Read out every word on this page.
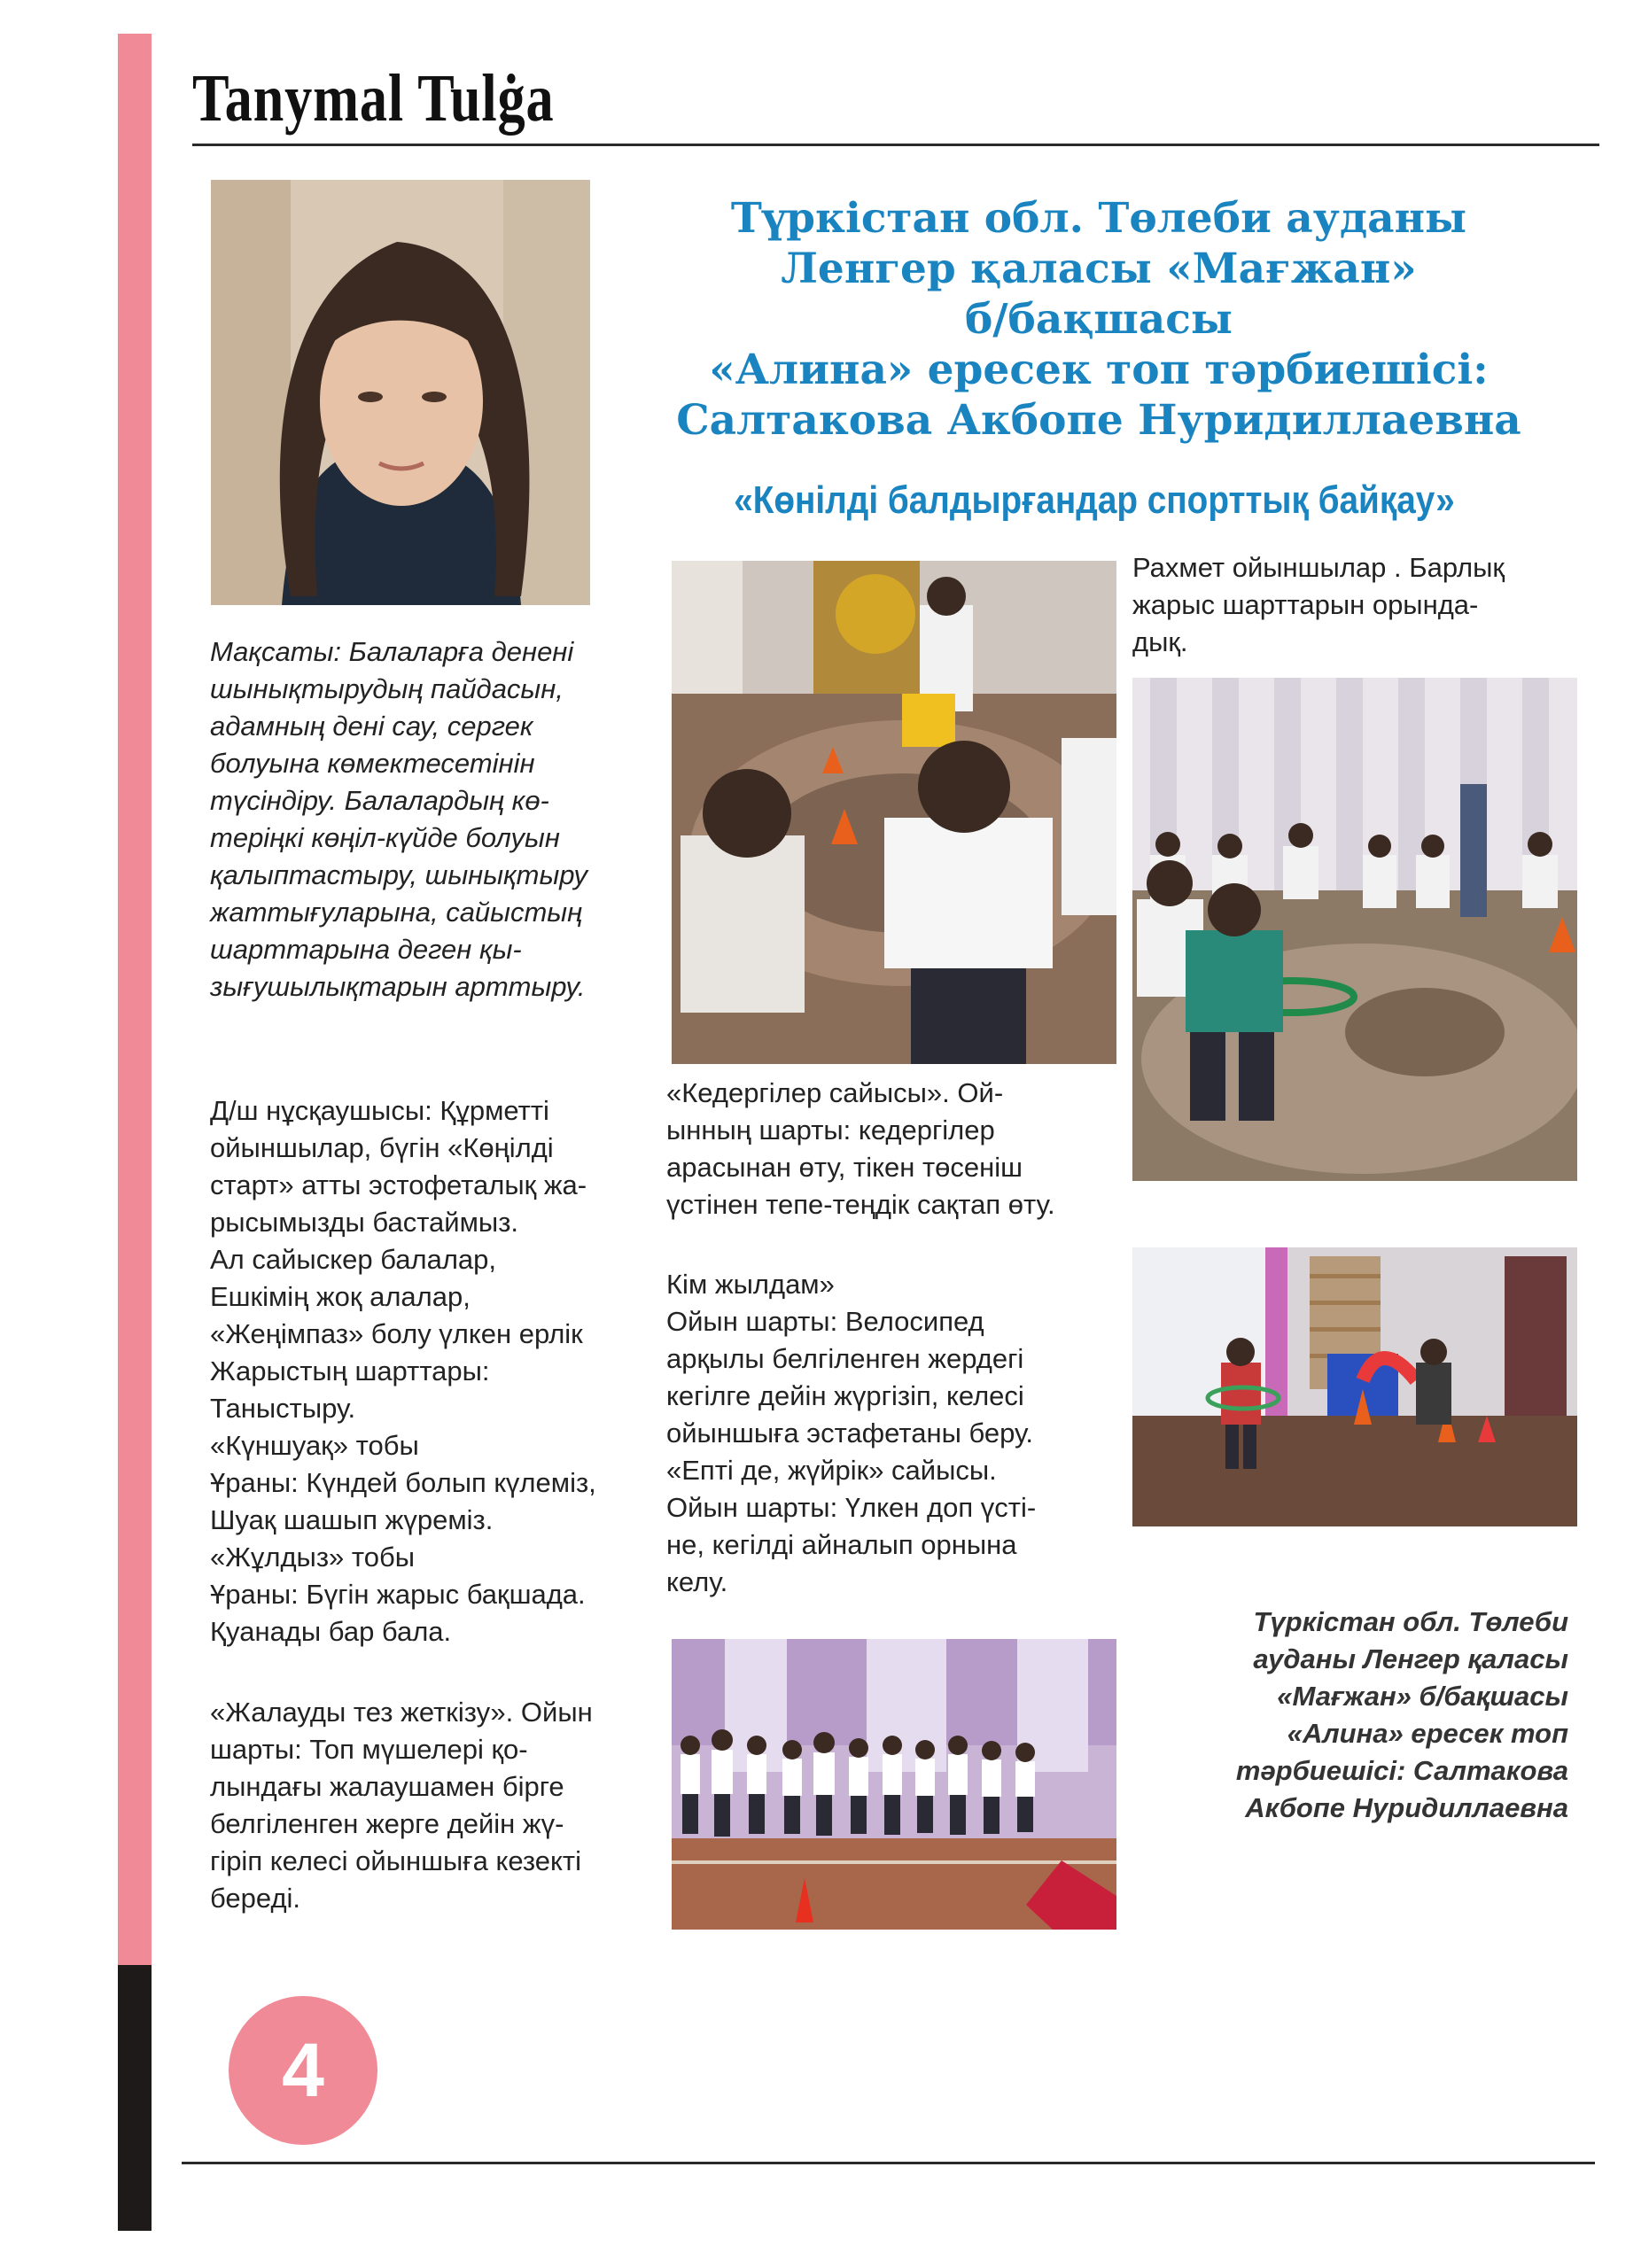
Tanymal Tulġa
Түркістан обл. Төлеби ауданы
Ленгер қаласы «Мағжан»
б/бақшасы
«Алина» ересек топ тәрбиешісі:
Салтакова Акбопе Нуридиллаевна
«Көнілді балдырғандар спорттық байқау»

Мақсаты: Балаларға денені

шынықтырудың пайдасын,

адамның дені сау, сергек

болуына көмектесетінін

түсіндіру. Балалардың кө-

теріңкі көңіл-күйде болуын

қалыптастыру, шынықтыру

жаттығуларына, сайыстың

шарттарына деген қы-

зығушылықтарын арттыру.

Д/ш нұсқаушысы: Құрметті

ойыншылар, бүгін «Көңілді

старт» атты эстофеталық жа-

рысымызды бастаймыз.

Ал сайыскер балалар,

Ешкімің жоқ алалар,

«Жеңімпаз» болу үлкен ерлік

Жарыстың шарттары:

Таныстыру.

«Күншуақ» тобы

Ұраны: Күндей болып күлеміз,

Шуақ шашып жүреміз.

«Жұлдыз» тобы

Ұраны: Бүгін жарыс бақшада.

Қуанады бар бала.

«Жалауды тез жеткізу». Ойын

шарты: Топ мүшелері қо-

лындағы жалаушамен бірге

белгіленген жерге дейін жү-

гіріп келесі ойыншыға кезекті

береді.

«Кедергілер сайысы». Ой-

ынның шарты: кедергілер

арасынан өту, тікен төсеніш

үстінен тепе-теңдік сақтап өту.

Кім жылдам»

Ойын шарты: Велосипед

арқылы белгіленген жердегі

кегілге дейін жүргізіп, келесі

ойыншыға эстафетаны беру.

«Епті де, жүйрік» сайысы.

Ойын шарты: Үлкен доп үсті-

не, кегілді айналып орнына

келу.

Рахмет ойыншылар . Барлық

жарыс шарттарын орында-

дық.

Түркістан обл. Төлеби
ауданы Ленгер қаласы
«Мағжан» б/бақшасы
«Алина» ересек топ
тәрбиешісі: Салтакова
Акбопе Нуридиллаевна
4
